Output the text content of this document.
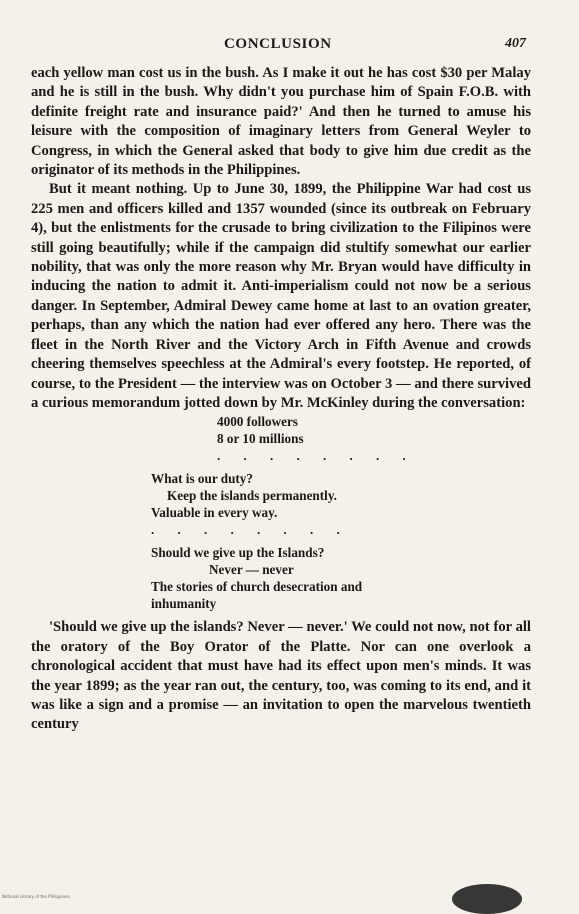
CONCLUSION	407

each yellow man cost us in the bush. As I make it out he has cost $30 per Malay and he is still in the bush. Why didn't you purchase him of Spain F.O.B. with definite freight rate and insurance paid?' And then he turned to amuse his leisure with the composition of imaginary letters from General Weyler to Congress, in which the General asked that body to give him due credit as the originator of its methods in the Philippines.

But it meant nothing. Up to June 30, 1899, the Philippine War had cost us 225 men and officers killed and 1357 wounded (since its outbreak on February 4), but the enlistments for the crusade to bring civilization to the Filipinos were still going beautifully; while if the campaign did stultify somewhat our earlier nobility, that was only the more reason why Mr. Bryan would have difficulty in inducing the nation to admit it. Anti-imperialism could not now be a serious danger. In September, Admiral Dewey came home at last to an ovation greater, perhaps, than any which the nation had ever offered any hero. There was the fleet in the North River and the Victory Arch in Fifth Avenue and crowds cheering themselves speechless at the Admiral's every footstep. He reported, of course, to the President — the interview was on October 3 — and there survived a curious memorandum jotted down by Mr. McKinley during the conversation:

4000 followers
8 or 10 millions
. . . . . . . .
What is our duty?
Keep the islands permanently.
Valuable in every way.
. . . . . . . .
Should we give up the Islands?
Never — never
The stories of church desecration and
inhumanity

'Should we give up the islands? Never — never.' We could not now, not for all the oratory of the Boy Orator of the Platte. Nor can one overlook a chronological accident that must have had its effect upon men's minds. It was the year 1899; as the year ran out, the century, too, was coming to its end, and it was like a sign and a promise — an invitation to open the marvelous twentieth century

National Library of the Philippines
